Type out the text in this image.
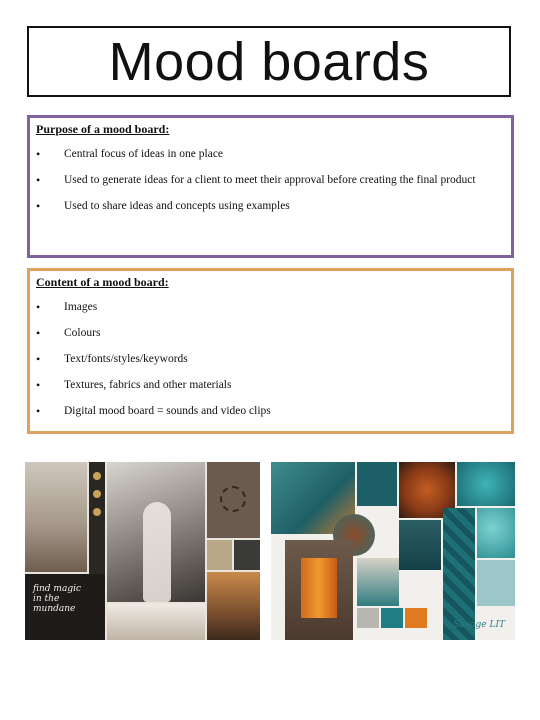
Mood boards
Purpose of a mood board:
• Central focus of ideas in one place
• Used to generate ideas for a client to meet their approval before creating the final product
• Used to share ideas and concepts using examples
Content of a mood board:
• Images
• Colours
• Text/fonts/styles/keywords
• Textures, fabrics and other materials
• Digital mood board = sounds and video clips
find magic
in the
mundane
Savage LIT
